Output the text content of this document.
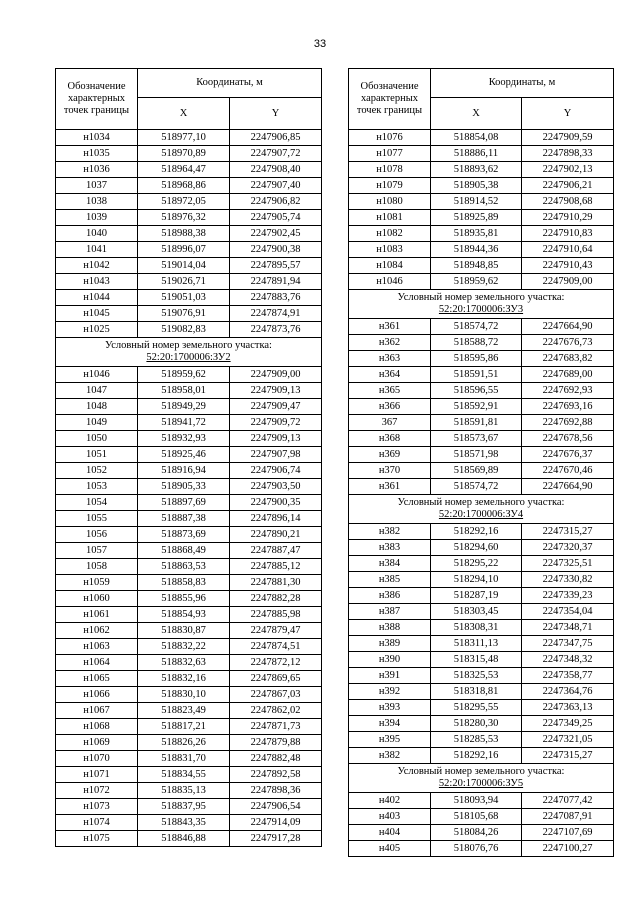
33
Обозначение характерных точек границы	Координаты, м	
	X	Y
н1034	518977,10	2247906,85
н1035	518970,89	2247907,72
н1036	518964,47	2247908,40
1037	518968,86	2247907,40
1038	518972,05	2247906,82
1039	518976,32	2247905,74
1040	518988,38	2247902,45
1041	518996,07	2247900,38
н1042	519014,04	2247895,57
н1043	519026,71	2247891,94
н1044	519051,03	2247883,76
н1045	519076,91	2247874,91
н1025	519082,83	2247873,76
Условный номер земельного участка:
52:20:1700006:ЗУ2		
н1046	518959,62	2247909,00
1047	518958,01	2247909,13
1048	518949,29	2247909,47
1049	518941,72	2247909,72
1050	518932,93	2247909,13
1051	518925,46	2247907,98
1052	518916,94	2247906,74
1053	518905,33	2247903,50
1054	518897,69	2247900,35
1055	518887,38	2247896,14
1056	518873,69	2247890,21
1057	518868,49	2247887,47
1058	518863,53	2247885,12
н1059	518858,83	2247881,30
н1060	518855,96	2247882,28
н1061	518854,93	2247885,98
н1062	518830,87	2247879,47
н1063	518832,22	2247874,51
н1064	518832,63	2247872,12
н1065	518832,16	2247869,65
н1066	518830,10	2247867,03
н1067	518823,49	2247862,02
н1068	518817,21	2247871,73
н1069	518826,26	2247879,88
н1070	518831,70	2247882,48
н1071	518834,55	2247892,58
н1072	518835,13	2247898,36
н1073	518837,95	2247906,54
н1074	518843,35	2247914,09
н1075	518846,88	2247917,28
Обозначение характерных точек границы	Координаты, м	
	X	Y
н1076	518854,08	2247909,59
н1077	518886,11	2247898,33
н1078	518893,62	2247902,13
н1079	518905,38	2247906,21
н1080	518914,52	2247908,68
н1081	518925,89	2247910,29
н1082	518935,81	2247910,83
н1083	518944,36	2247910,64
н1084	518948,85	2247910,43
н1046	518959,62	2247909,00
Условный номер земельного участка:
52:20:1700006:ЗУ3		
н361	518574,72	2247664,90
н362	518588,72	2247676,73
н363	518595,86	2247683,82
н364	518591,51	2247689,00
н365	518596,55	2247692,93
н366	518592,91	2247693,16
367	518591,81	2247692,88
н368	518573,67	2247678,56
н369	518571,98	2247676,37
н370	518569,89	2247670,46
н361	518574,72	2247664,90
Условный номер земельного участка:
52:20:1700006:ЗУ4		
н382	518292,16	2247315,27
н383	518294,60	2247320,37
н384	518295,22	2247325,51
н385	518294,10	2247330,82
н386	518287,19	2247339,23
н387	518303,45	2247354,04
н388	518308,31	2247348,71
н389	518311,13	2247347,75
н390	518315,48	2247348,32
н391	518325,53	2247358,77
н392	518318,81	2247364,76
н393	518295,55	2247363,13
н394	518280,30	2247349,25
н395	518285,53	2247321,05
н382	518292,16	2247315,27
Условный номер земельного участка:
52:20:1700006:ЗУ5		
н402	518093,94	2247077,42
н403	518105,68	2247087,91
н404	518084,26	2247107,69
н405	518076,76	2247100,27
